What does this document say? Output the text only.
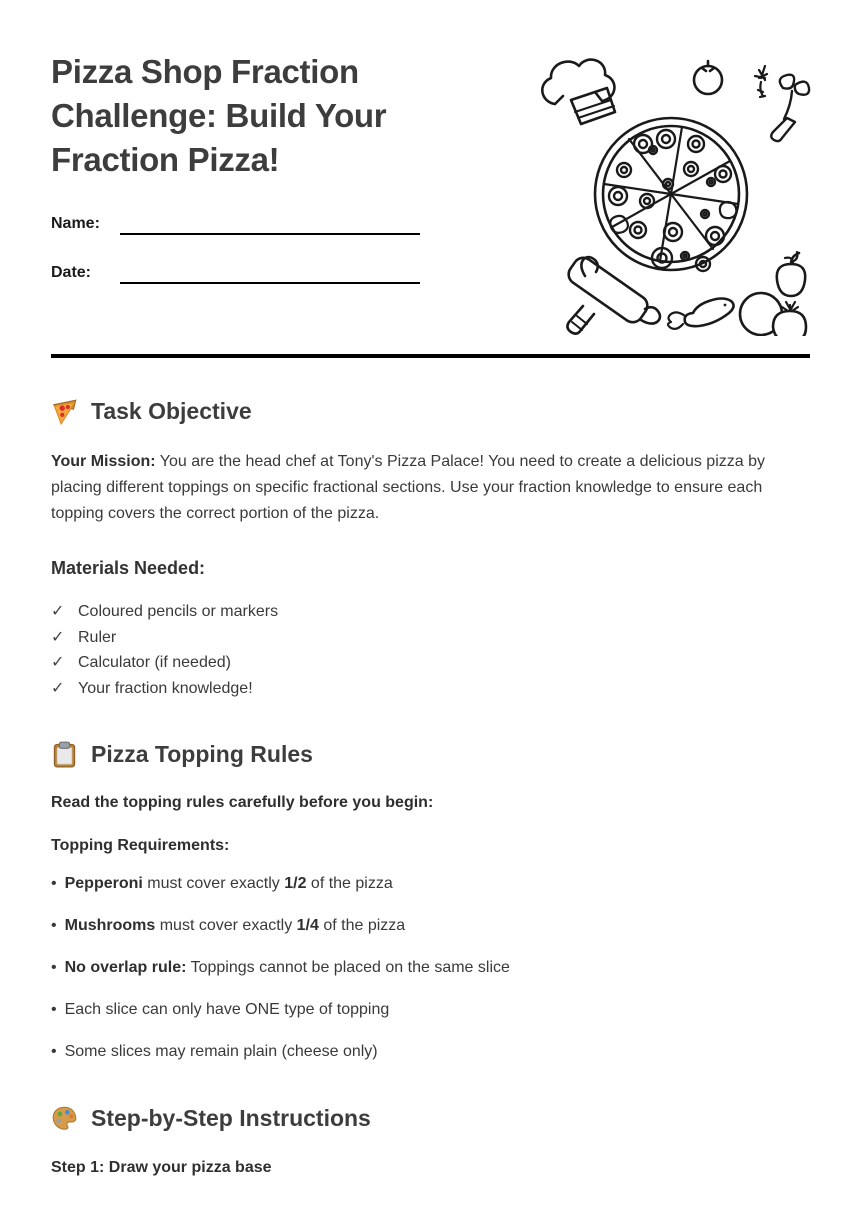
Pizza Shop Fraction Challenge: Build Your Fraction Pizza!
Name:
Date:
Task Objective

Your Mission: You are the head chef at Tony's Pizza Palace! You need to create a delicious pizza by placing different toppings on specific fractional sections. Use your fraction knowledge to ensure each topping covers the correct portion of the pizza.

Materials Needed:
✓ Coloured pencils or markers
✓ Ruler
✓ Calculator (if needed)
✓ Your fraction knowledge!
Pizza Topping Rules

Read the topping rules carefully before you begin:

Topping Requirements:

• Pepperoni must cover exactly 1/2 of the pizza

• Mushrooms must cover exactly 1/4 of the pizza

• No overlap rule: Toppings cannot be placed on the same slice

• Each slice can only have ONE type of topping

• Some slices may remain plain (cheese only)

Step-by-Step Instructions

Step 1: Draw your pizza base
